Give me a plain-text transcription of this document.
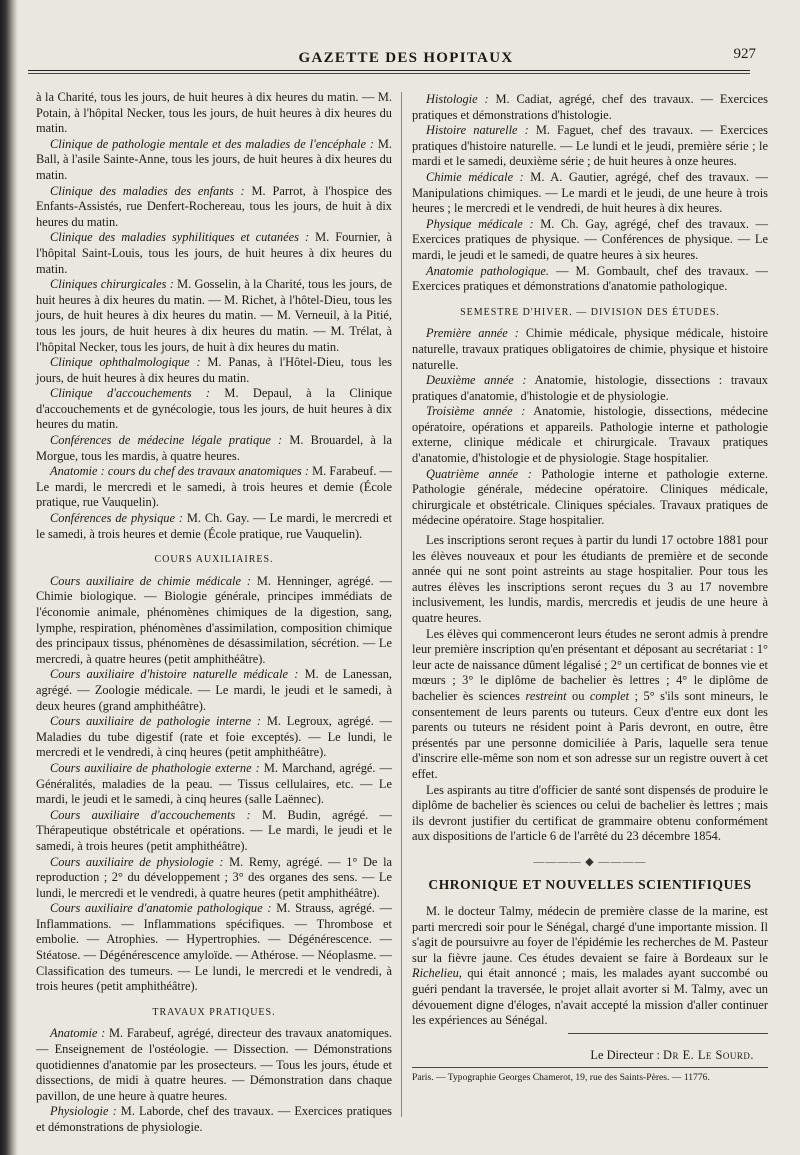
GAZETTE DES HOPITAUX	927

à la Charité, tous les jours, de huit heures à dix heures du matin. — M. Potain, à l'hôpital Necker, tous les jours, de huit heures à dix heures du matin.

Clinique de pathologie mentale et des maladies de l'encéphale : M. Ball, à l'asile Sainte-Anne, tous les jours, de huit heures à dix heures du matin.

Clinique des maladies des enfants : M. Parrot, à l'hospice des Enfants-Assistés, rue Denfert-Rochereau, tous les jours, de huit à dix heures du matin.

Clinique des maladies syphilitiques et cutanées : M. Fournier, à l'hôpital Saint-Louis, tous les jours, de huit heures à dix heures du matin.

Cliniques chirurgicales : M. Gosselin, à la Charité, tous les jours, de huit heures à dix heures du matin. — M. Richet, à l'hôtel-Dieu, tous les jours, de huit heures à dix heures du matin. — M. Verneuil, à la Pitié, tous les jours, de huit heures à dix heures du matin. — M. Trélat, à l'hôpital Necker, tous les jours, de huit à dix heures du matin.

Clinique ophthalmologique : M. Panas, à l'Hôtel-Dieu, tous les jours, de huit heures à dix heures du matin.

Clinique d'accouchements : M. Depaul, à la Clinique d'accouchements et de gynécologie, tous les jours, de huit heures à dix heures du matin.

Conférences de médecine légale pratique : M. Brouardel, à la Morgue, tous les mardis, à quatre heures.

Anatomie : cours du chef des travaux anatomiques : M. Farabeuf. — Le mardi, le mercredi et le samedi, à trois heures et demie (École pratique, rue Vauquelin).

Conférences de physique : M. Ch. Gay. — Le mardi, le mercredi et le samedi, à trois heures et demie (École pratique, rue Vauquelin).

COURS AUXILIAIRES.

Cours auxiliaire de chimie médicale : M. Henninger, agrégé. — Chimie biologique. — Biologie générale, principes immédiats de l'économie animale, phénomènes chimiques de la digestion, sang, lymphe, respiration, phénomènes d'assimilation, composition chimique des principaux tissus, phénomènes de désassimilation, sécrétion. — Le mercredi, à quatre heures (petit amphithéâtre).

Cours auxiliaire d'histoire naturelle médicale : M. de Lanessan, agrégé. — Zoologie médicale. — Le mardi, le jeudi et le samedi, à deux heures (grand amphithéâtre).

Cours auxiliaire de pathologie interne : M. Legroux, agrégé. — Maladies du tube digestif (rate et foie exceptés). — Le lundi, le mercredi et le vendredi, à cinq heures (petit amphithéâtre).

Cours auxiliaire de phathologie externe : M. Marchand, agrégé. — Généralités, maladies de la peau. — Tissus cellulaires, etc. — Le mardi, le jeudi et le samedi, à cinq heures (salle Laënnec).

Cours auxiliaire d'accouchements : M. Budin, agrégé. — Thérapeutique obstétricale et opérations. — Le mardi, le jeudi et le samedi, à trois heures (petit amphithéâtre).

Cours auxiliaire de physiologie : M. Remy, agrégé. — 1° De la reproduction ; 2° du développement ; 3° des organes des sens. — Le lundi, le mercredi et le vendredi, à quatre heures (petit amphithéâtre).

Cours auxiliaire d'anatomie pathologique : M. Strauss, agrégé. — Inflammations. — Inflammations spécifiques. — Thrombose et embolie. — Atrophies. — Hypertrophies. — Dégénérescence. — Stéatose. — Dégénérescence amyloïde. — Athérose. — Néoplasme. — Classification des tumeurs. — Le lundi, le mercredi et le vendredi, à trois heures (petit amphithéâtre).

TRAVAUX PRATIQUES.

Anatomie : M. Farabeuf, agrégé, directeur des travaux anatomiques. — Enseignement de l'ostéologie. — Dissection. — Démonstrations quotidiennes d'anatomie par les prosecteurs. — Tous les jours, étude et dissections, de midi à quatre heures. — Démonstration dans chaque pavillon, de une heure à quatre heures.

Physiologie : M. Laborde, chef des travaux. — Exercices pratiques et démonstrations de physiologie.

Histologie : M. Cadiat, agrégé, chef des travaux. — Exercices pratiques et démonstrations d'histologie.

Histoire naturelle : M. Faguet, chef des travaux. — Exercices pratiques d'histoire naturelle. — Le lundi et le jeudi, première série ; le mardi et le samedi, deuxième série ; de huit heures à onze heures.

Chimie médicale : M. A. Gautier, agrégé, chef des travaux. — Manipulations chimiques. — Le mardi et le jeudi, de une heure à trois heures ; le mercredi et le vendredi, de huit heures à dix heures.

Physique médicale : M. Ch. Gay, agrégé, chef des travaux. — Exercices pratiques de physique. — Conférences de physique. — Le mardi, le jeudi et le samedi, de quatre heures à six heures.

Anatomie pathologique. — M. Gombault, chef des travaux. — Exercices pratiques et démonstrations d'anatomie pathologique.

SEMESTRE D'HIVER. — DIVISION DES ÉTUDES.

Première année : Chimie médicale, physique médicale, histoire naturelle, travaux pratiques obligatoires de chimie, physique et histoire naturelle.

Deuxième année : Anatomie, histologie, dissections : travaux pratiques d'anatomie, d'histologie et de physiologie.

Troisième année : Anatomie, histologie, dissections, médecine opératoire, opérations et appareils. Pathologie interne et pathologie externe, clinique médicale et chirurgicale. Travaux pratiques d'anatomie, d'histologie et de physiologie. Stage hospitalier.

Quatrième année : Pathologie interne et pathologie externe. Pathologie générale, médecine opératoire. Cliniques médicale, chirurgicale et obstétricale. Cliniques spéciales. Travaux pratiques de médecine opératoire. Stage hospitalier.

Les inscriptions seront reçues à partir du lundi 17 octobre 1881 pour les élèves nouveaux et pour les étudiants de première et de seconde année qui ne sont point astreints au stage hospitalier. Pour tous les autres élèves les inscriptions seront reçues du 3 au 17 novembre inclusivement, les lundis, mardis, mercredis et jeudis de une heure à quatre heures.

Les élèves qui commenceront leurs études ne seront admis à prendre leur première inscription qu'en présentant et déposant au secrétariat : 1° leur acte de naissance dûment légalisé ; 2° un certificat de bonnes vie et mœurs ; 3° le diplôme de bachelier ès lettres ; 4° le diplôme de bachelier ès sciences restreint ou complet ; 5° s'ils sont mineurs, le consentement de leurs parents ou tuteurs. Ceux d'entre eux dont les parents ou tuteurs ne résident point à Paris devront, en outre, être présentés par une personne domiciliée à Paris, laquelle sera tenue d'inscrire elle-même son nom et son adresse sur un registre ouvert à cet effet.

Les aspirants au titre d'officier de santé sont dispensés de produire le diplôme de bachelier ès sciences ou celui de bachelier ès lettres ; mais ils devront justifier du certificat de grammaire obtenu conformément aux dispositions de l'article 6 de l'arrêté du 23 décembre 1854.

———— ◆ ————

CHRONIQUE ET NOUVELLES SCIENTIFIQUES

M. le docteur Talmy, médecin de première classe de la marine, est parti mercredi soir pour le Sénégal, chargé d'une importante mission. Il s'agit de poursuivre au foyer de l'épidémie les recherches de M. Pasteur sur la fièvre jaune. Ces études devaient se faire à Bordeaux sur le Richelieu, qui était annoncé ; mais, les malades ayant succombé ou guéri pendant la traversée, le projet allait avorter si M. Talmy, avec un dévouement digne d'éloges, n'avait accepté la mission d'aller continuer les expériences au Sénégal.

Le Directeur : Dr E. Le Sourd.

Paris. — Typographie Georges Chamerot, 19, rue des Saints-Pères. — 11776.
